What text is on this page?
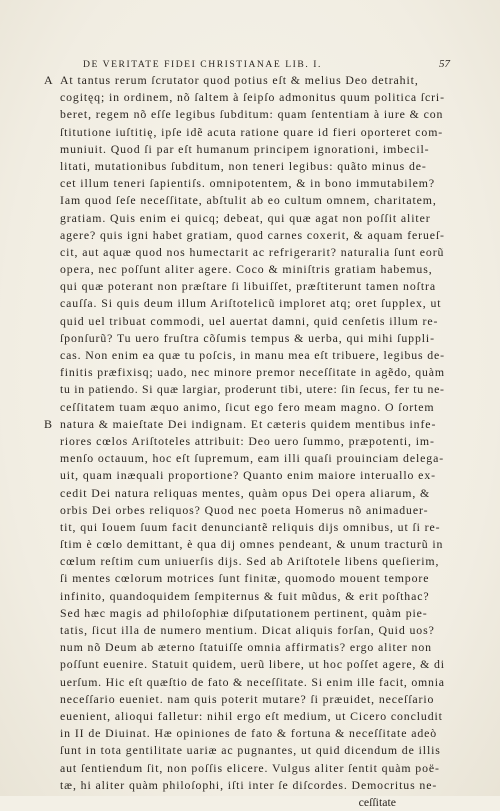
DE VERITATE FIDEI CHRISTIANAE LIB. I.	57
A At tantus rerum ſcrutator quod potius eſt & melius Deo detrahit,
cogitęq; in ordinem, nõ ſaltem à ſeipſo admonitus quum politica ſcri-
beret, regem nõ eſſe legibus ſubditum: quam ſententiam à iure & con
ſtitutione iuſtitię, ipſe idẽ acuta ratione quare id fieri oporteret com-
muniuit. Quod ſi par eſt humanum principem ignorationi, imbecil-
litati, mutationibus ſubditum, non teneri legibus: quãto minus de-
cet illum teneri ſapientiſs. omnipotentem, & in bono immutabilem?
Iam quod ſeſe neceſſitate, abſtulit ab eo cultum omnem, charitatem,
gratiam. Quis enim ei quicq; debeat, qui quæ agat non poſſit aliter
agere? quis igni habet gratiam, quod carnes coxerit, & aquam ferueſ-
cit, aut aquæ quod nos humectarit ac refrigerarit? naturalia ſunt eorũ
opera, nec poſſunt aliter agere. Coco & miniſtris gratiam habemus,
qui quæ poterant non præſtare ſi libuiſſet, præſtiterunt tamen noſtra
cauſſa. Si quis deum illum Ariſtotelicũ imploret atq; oret ſupplex, ut
quid uel tribuat commodi, uel auertat damni, quid cenſetis illum re-
ſponſurũ? Tu uero fruſtra cõſumis tempus & uerba, qui mihi ſuppli-
cas. Non enim ea quæ tu poſcis, in manu mea eſt tribuere, legibus de-
finitis præfixisq; uado, nec minore premor neceſſitate in agẽdo, quàm
tu in patiendo. Si quæ largiar, proderunt tibi, utere: ſin ſecus, fer tu ne-
ceſſitatem tuam æquo animo, ſicut ego fero meam magno. O ſortem
B natura & maieſtate Dei indignam. Et cæteris quidem mentibus infe-
riores cœlos Ariſtoteles attribuit: Deo uero ſummo, præpotenti, im-
menſo octauum, hoc eſt ſupremum, eam illi quaſi prouinciam delega-
uit, quam inæquali proportione? Quanto enim maiore interuallo ex-
cedit Dei natura reliquas mentes, quàm opus Dei opera aliarum, &
orbis Dei orbes reliquos? Quod nec poeta Homerus nõ animaduer-
tit, qui Iouem ſuum facit denunciantẽ reliquis dijs omnibus, ut ſi re-
ſtim è cœlo demittant, è qua dij omnes pendeant, & unum tracturũ in
cœlum reſtim cum uniuerſis dijs. Sed ab Ariſtotele libens queſierim,
ſi mentes cœlorum motrices ſunt finitæ, quomodo mouent tempore
infinito, quandoquidem ſempiternus & fuit mũdus, & erit poſthac?
Sed hæc magis ad philoſophiæ diſputationem pertinent, quàm pie-
tatis, ſicut illa de numero mentium. Dicat aliquis forſan, Quid uos?
num nõ Deum ab æterno ſtatuiſſe omnia affirmatis? ergo aliter non
poſſunt euenire. Statuit quidem, uerũ libere, ut hoc poſſet agere, & di
uerſum. Hic eſt quæſtio de fato & neceſſitate. Si enim ille facit, omnia
neceſſario eueniet. nam quis poterit mutare? ſi præuidet, neceſſario
euenient, alioqui falletur: nihil ergo eſt medium, ut Cicero concludit
in II de Diuinat. Hæ opiniones de fato & fortuna & neceſſitate adeò
ſunt in tota gentilitate uariæ ac pugnantes, ut quid dicendum de illis
aut ſentiendum ſit, non poſſis elicere. Vulgus aliter ſentit quàm poë-
tæ, hi aliter quàm philoſophi, iſti inter ſe diſcordes. Democritus ne-
ceſſitate
